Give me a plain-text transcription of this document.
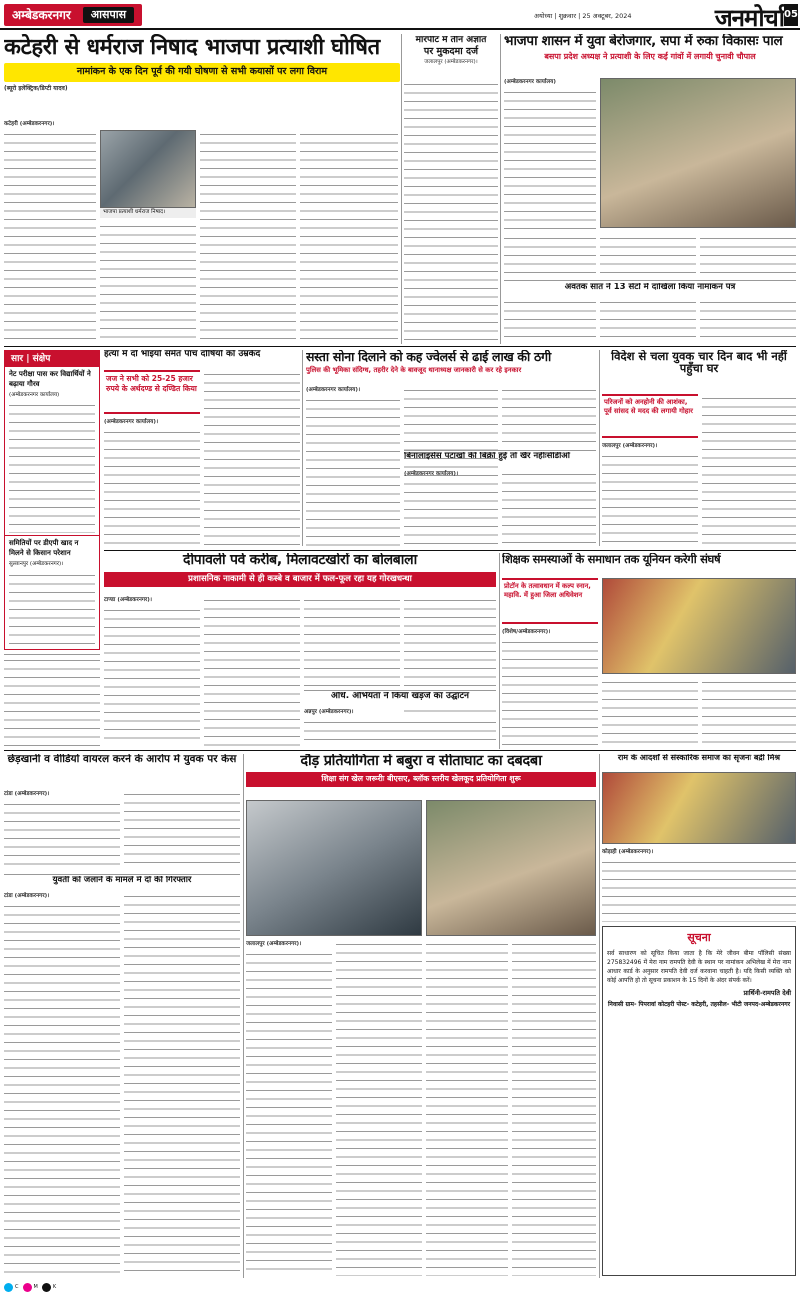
अम्बेडकरनगर	आसपास	अयोध्या | शुक्रवार | 25 अक्टूबर, 2024	जनमोर्चा 05
कटेहरी से धर्मराज निषाद भाजपा प्रत्याशी घोषित
नामांकन के एक दिन पूर्व की गयी घोषणा से सभी कयासों पर लगा विराम
(ब्यूरो इलेक्ट्रिक/डिप्टी यादव)
कटेहरी (अम्बेडकरनगर)।
भाजपा प्रत्याशी धर्मराज निषाद।
मारपीट में तीन अज्ञात
पर मुकदमा दर्ज
जलालपुर (अम्बेडकरनगर)।
भाजपा शासन में युवा बेरोजगार, सपा में रुका विकासः पाल
बसपा प्रदेश अध्यक्ष ने प्रत्याशी के लिए कई गांवों में लगायी चुनावी चौपाल
(अम्बेडकरनगर कार्यालय)
अवतक सात ने 13 सेटों में दाखिला किया नामांकन पत्र
सार | संक्षेप
नेट परीक्षा पास कर विद्यार्थियों ने बढ़ाया गौरव
(अम्बेडकरनगर कार्यालय)
समितियों पर डीएपी खाद न मिलने से किसान परेशान
सुल्तानपुर (अम्बेडकरनगर)।
हत्या में दो भाइयों समेत पांच दोषियों को उम्रकैद
जज ने सभी को 25-25 हजार रुपये के अर्थदण्ड से दण्डित किया
(अम्बेडकरनगर कार्यालय)।
सस्ता सोना दिलाने को कह ज्वेलर्स से ढाई लाख की ठगी
पुलिस की भूमिका संदिग्ध, तहरीर देने के बावजूद थानाध्यक्ष जानकारी से कर रहे इनकार
(अम्बेडकरनगर कार्यालय)।
बिनालाइसेंस पटाखों की बिक्री हुई तो खैर नहींःसीडीओ
(अम्बेडकरनगर कार्यालय)।
विदेश से चला युवक चार दिन बाद भी नहीं पहुँचा घर
परिजनों को अनहोनी की आशंका, पूर्व सांसद से मदद की लगायी गोहार
जलालपुर (अम्बेडकरनगर)।
दीपावली पर्व करीब, मिलावटखोरों का बोलबाला
प्रशासनिक नाकामी से ही कस्बे व बाजार में फल-फूल रहा यह गोरखधन्धा
टाण्डा (अम्बेडकरनगर)।
अधि. अभियंता ने किया खड़ंजे का उद्घाटन
अन्नपुर (अम्बेडकरनगर)।
शिक्षक समस्याओं के समाधान तक यूनियन करेगी संघर्ष
प्रोटॉन के तत्वावधान में कल्प स्नान, महावि. में हुआ जिला अधिवेशन
(विशेष/अम्बेडकरनगर)।
छेड़खानी व वीडियो वायरल करने के आरोप में युवक पर केस
टांडा (अम्बेडकरनगर)।
युवती को जलाने के मामले में दो की गिरफ्तार
टांडा (अम्बेडकरनगर)।
दौड़ प्रतियोगिता में बबुरा व सीताघाट का दबदबा
शिक्षा संग खेल जरूरीः बीएसए, ब्लॉक स्तरीय खेलकूद प्रतियोगिता शुरू
जलालपुर (अम्बेडकरनगर)।
राम के आदर्शों से संस्कारिक समाज का सृजनः बद्री मिश्र
कोड़ाही (अम्बेडकरनगर)।
सूचना
सर्व साधारण को सूचित किया जाता है कि मेरे जीवन बीमा पॉलिसी संख्या 275832496 में मेरा नाम रामपति देवी के स्थान पर नामांकन अभिलेख में मेरा नाम आधार कार्ड के अनुसार रामपति देवी दर्ज करवाना चाहती है। यदि किसी व्यक्ति को कोई आपत्ति हो तो सूचना प्रकाशन के 15 दिनों के अंदर संपर्क करें।
प्रार्थिनी-रामपति देवी
निवासी ग्राम- पिपरावां कोटहरी पोस्ट- कटेहरी, तहसील- भीटी जनपद-अम्बेडकरनगर
C	M	K
